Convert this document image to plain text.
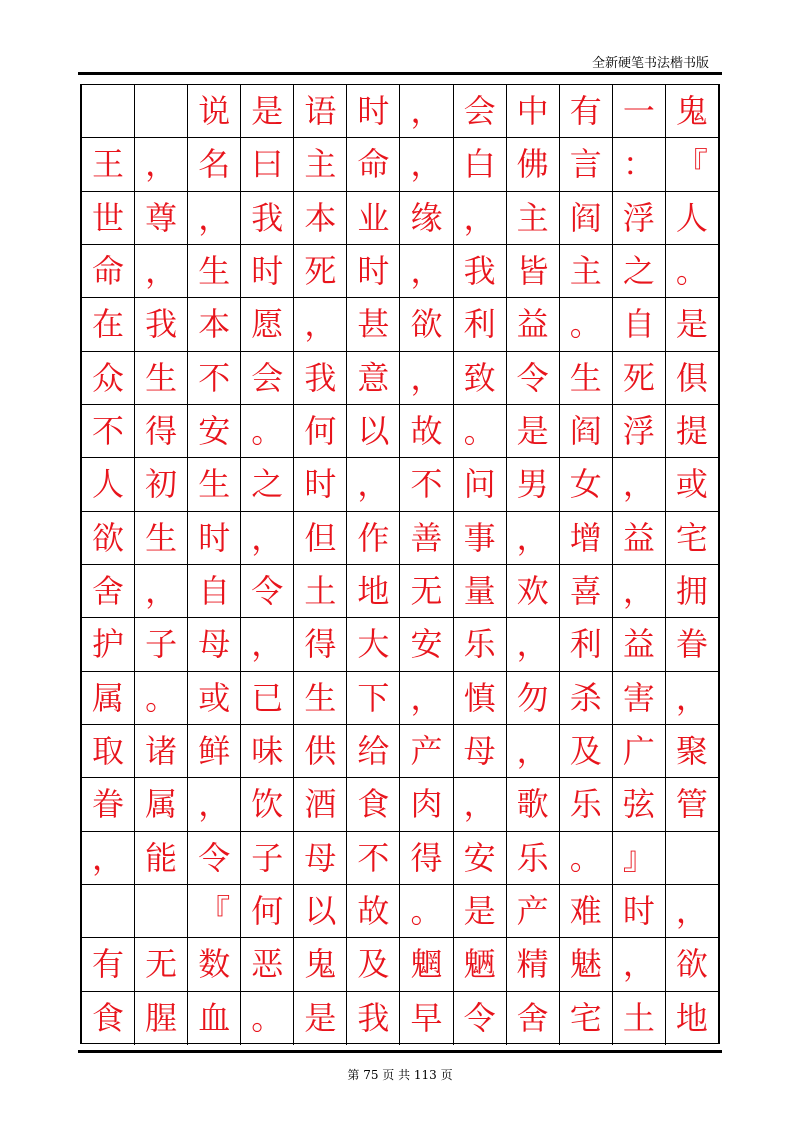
全新硬笔书法楷书版
说 是 语 时 ， 会 中 有 一 鬼
王 ， 名 曰 主 命 ， 白 佛 言 ： 『
世 尊 ， 我 本 业 缘 ， 主 阎 浮 人
命 ， 生 时 死 时 ， 我 皆 主 之 。
在 我 本 愿 ， 甚 欲 利 益 。 自 是
众 生 不 会 我 意 ， 致 令 生 死 俱
不 得 安 。 何 以 故 。 是 阎 浮 提
人 初 生 之 时 ， 不 问 男 女 ， 或
欲 生 时 ， 但 作 善 事 ， 增 益 宅
舍 ， 自 令 土 地 无 量 欢 喜 ， 拥
护 子 母 ， 得 大 安 乐 ， 利 益 眷
属 。 或 已 生 下 ， 慎 勿 杀 害 ，
取 诸 鲜 味 供 给 产 母 ， 及 广 聚
眷 属 ， 饮 酒 食 肉 ， 歌 乐 弦 管
， 能 令 子 母 不 得 安 乐 。 』
『 何 以 故 。 是 产 难 时 ，
有 无 数 恶 鬼 及 魍 魉 精 魅 ， 欲
食 腥 血 。 是 我 早 令 舍 宅 土 地
第 75 页 共 113 页
